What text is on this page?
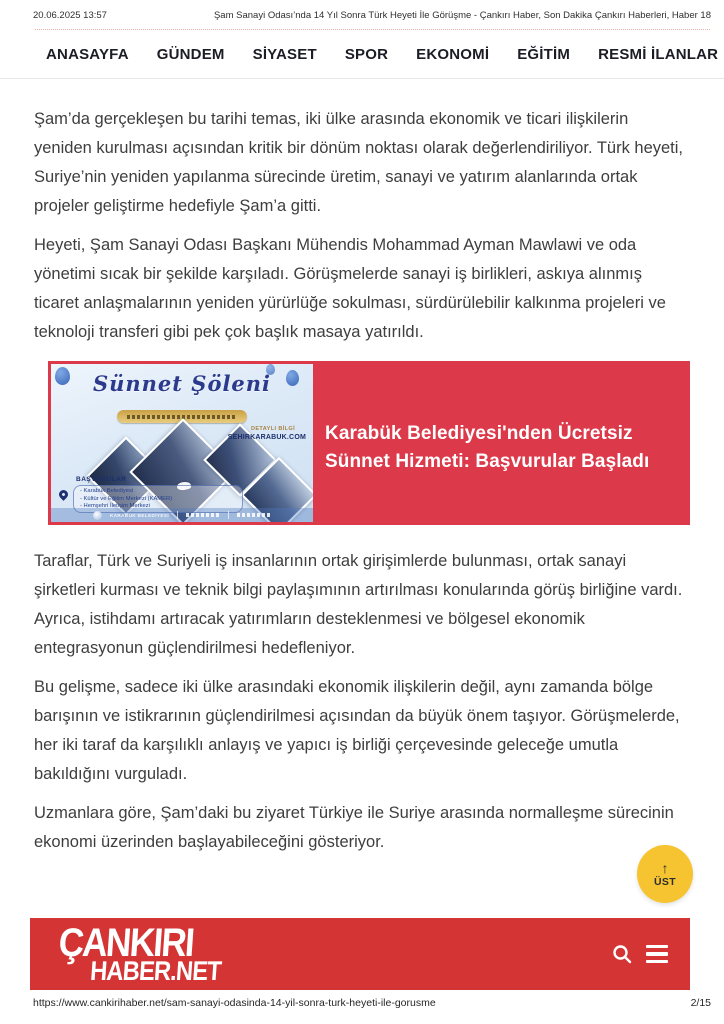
20.06.2025 13:57	Şam Sanayi Odası’nda 14 Yıl Sonra Türk Heyeti İle Görüşme - Çankırı Haber, Son Dakika Çankırı Haberleri, Haber 18
ANASAYFA GÜNDEM SİYASET SPOR EKONOMİ EĞİTİM RESMİ İLANLAR

Şam’da gerçekleşen bu tarihi temas, iki ülke arasında ekonomik ve ticari ilişkilerin yeniden kurulması açısından kritik bir dönüm noktası olarak değerlendiriliyor. Türk heyeti, Suriye’nin yeniden yapılanma sürecinde üretim, sanayi ve yatırım alanlarında ortak projeler geliştirme hedefiyle Şam’a gitti.

Heyeti, Şam Sanayi Odası Başkanı Mühendis Mohammad Ayman Mawlawi ve oda yönetimi sıcak bir şekilde karşıladı. Görüşmelerde sanayi iş birlikleri, askıya alınmış ticaret anlaşmalarının yeniden yürürlüğe sokulması, sürdürülebilir kalkınma projeleri ve teknoloji transferi gibi pek çok başlık masaya yatırıldı.

Sünnet Şöleni
DETAYLI BİLGİ
SEHIRKARABUK.COM
BAŞVURULAR
- Karabük Belediyesi
- Kültür ve Eğitim Merkezi (KAMER)
- Hemşehri İletişim Merkezi
KARABÜK BELEDİYESİ
Karabük Belediyesi'nden Ücretsiz Sünnet Hizmeti: Başvurular Başladı

Taraflar, Türk ve Suriyeli iş insanlarının ortak girişimlerde bulunması, ortak sanayi şirketleri kurması ve teknik bilgi paylaşımının artırılması konularında görüş birliğine vardı. Ayrıca, istihdamı artıracak yatırımların desteklenmesi ve bölgesel ekonomik entegrasyonun güçlendirilmesi hedefleniyor.

Bu gelişme, sadece iki ülke arasındaki ekonomik ilişkilerin değil, aynı zamanda bölge barışının ve istikrarının güçlendirilmesi açısından da büyük önem taşıyor. Görüşmelerde, her iki taraf da karşılıklı anlayış ve yapıcı iş birliği çerçevesinde geleceğe umutla bakıldığını vurguladı.

Uzmanlara göre, Şam’daki bu ziyaret Türkiye ile Suriye arasında normalleşme sürecinin ekonomi üzerinden başlayabileceğini gösteriyor.

↑
ÜST
ÇANKIRI
HABER.NET
https://www.cankirihaber.net/sam-sanayi-odasinda-14-yil-sonra-turk-heyeti-ile-gorusme	2/15
